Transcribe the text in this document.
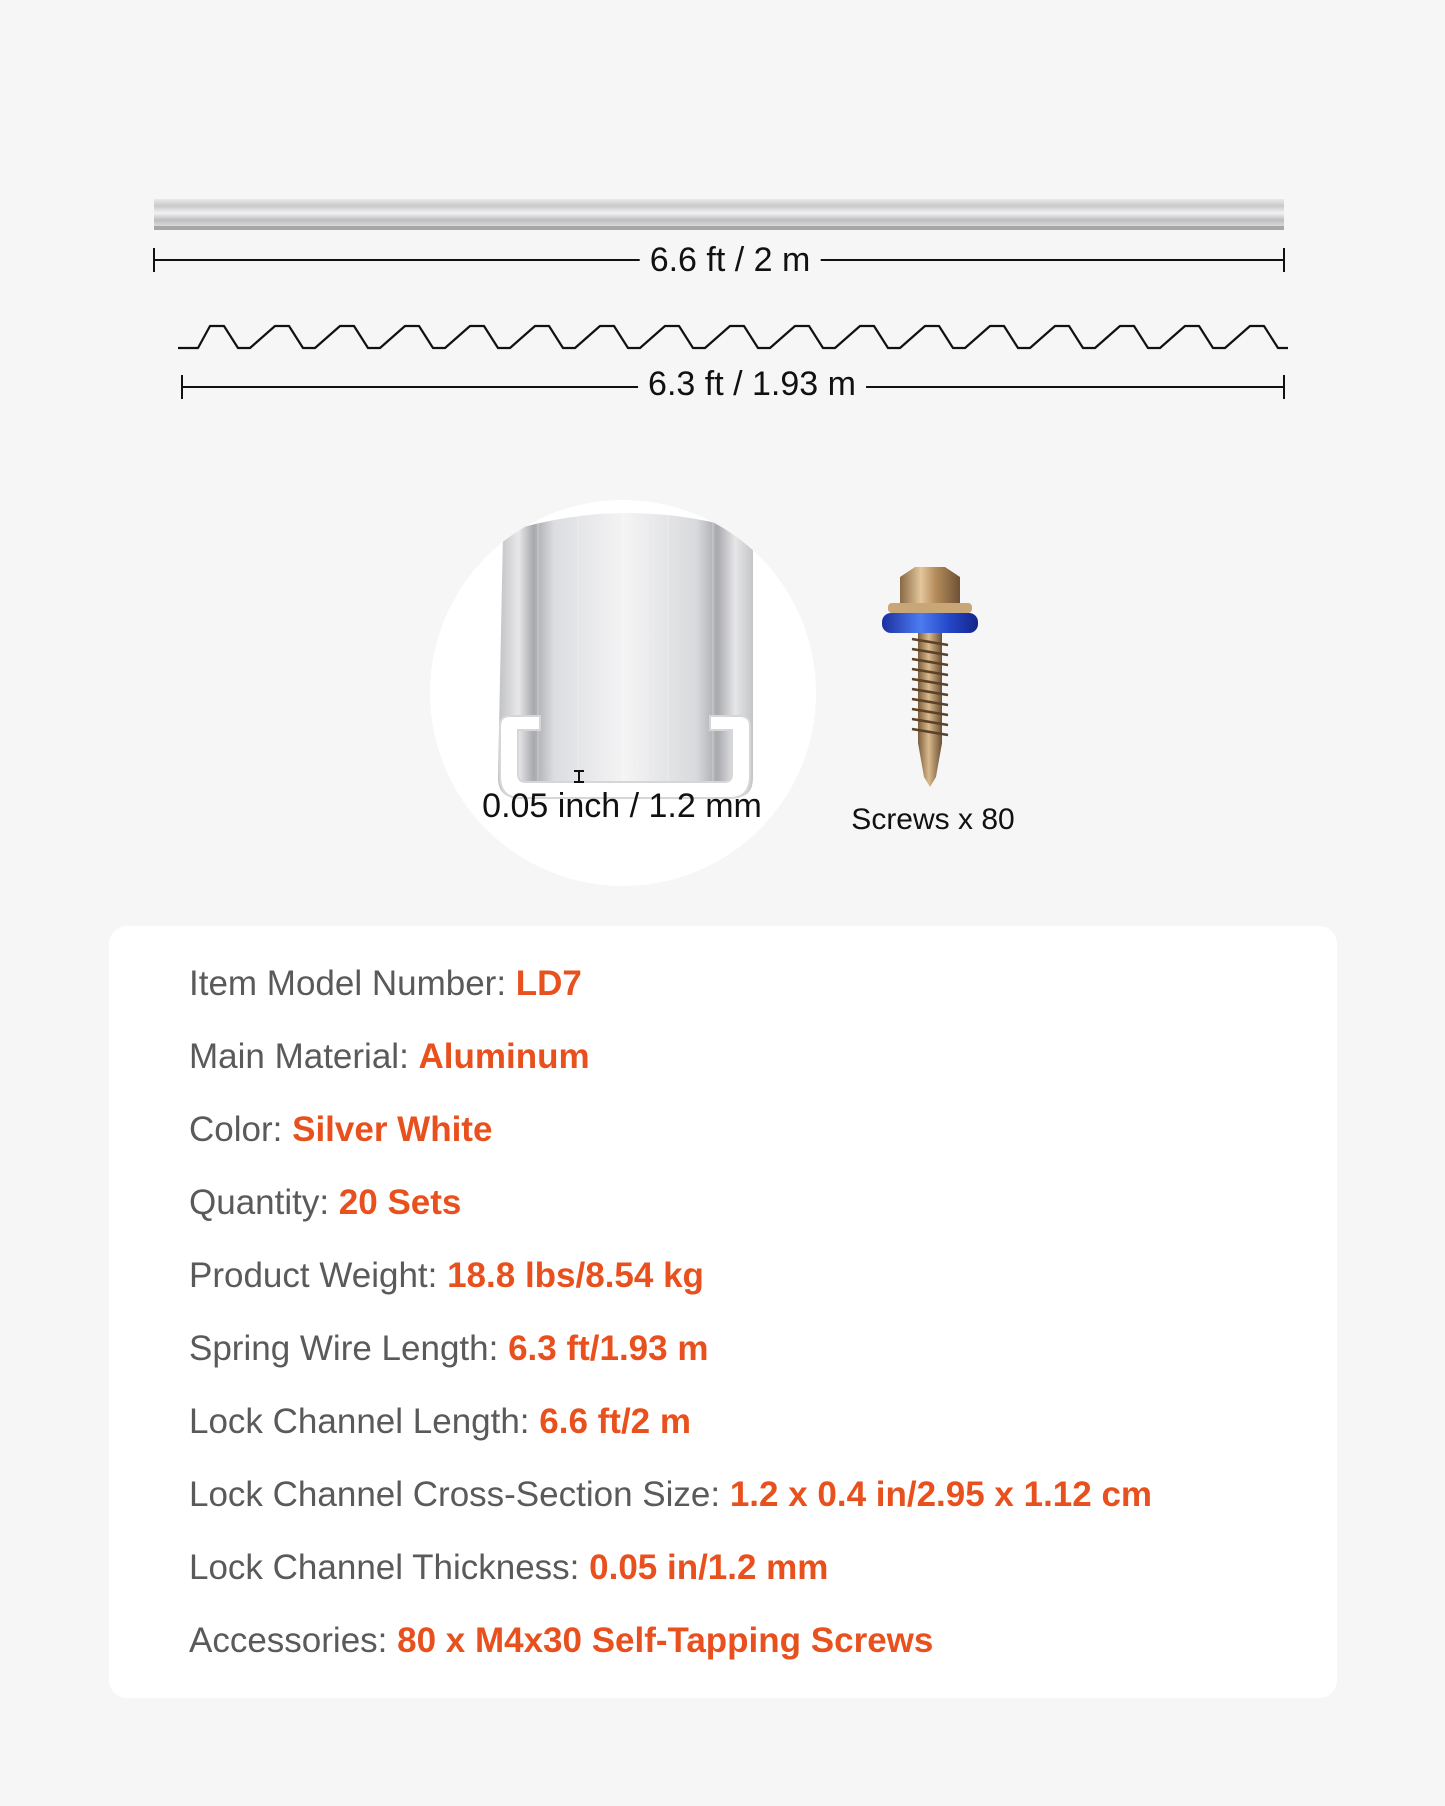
6.6 ft / 2 m
6.3 ft / 1.93 m
0.05 inch / 1.2 mm	Screws x 80
Item Model Number: LD7
Main Material: Aluminum
Color: Silver White
Quantity: 20 Sets
Product Weight: 18.8 lbs/8.54 kg
Spring Wire Length: 6.3 ft/1.93 m
Lock Channel Length: 6.6 ft/2 m
Lock Channel Cross-Section Size: 1.2 x 0.4 in/2.95 x 1.12 cm
Lock Channel Thickness: 0.05 in/1.2 mm
Accessories: 80 x M4x30 Self-Tapping Screws
